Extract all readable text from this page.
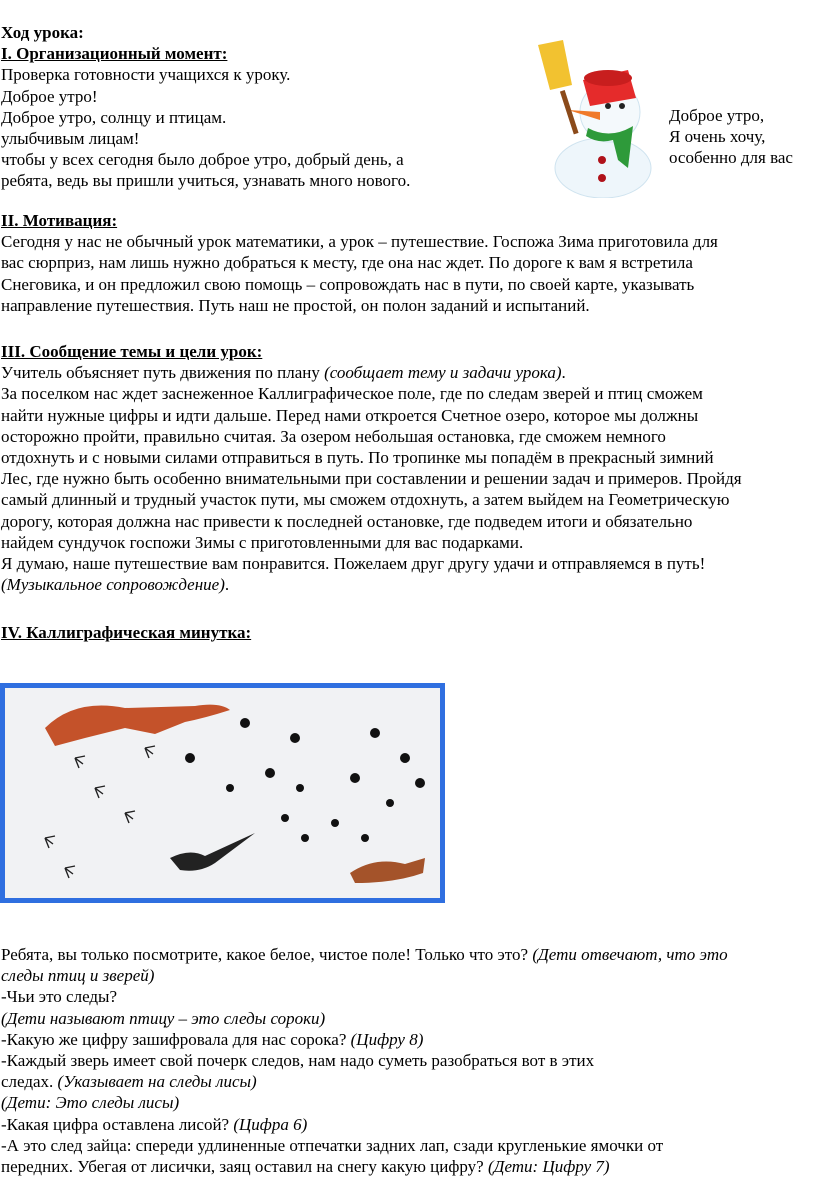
Ход урока:
I. Организационный момент:
Проверка готовности учащихся к уроку.
Доброе утро!
Доброе утро, солнцу и птицам.
улыбчивым лицам!
чтобы у всех сегодня было доброе утро, добрый день, а
ребята, ведь вы пришли учиться, узнавать много нового.
Доброе утро,
Я очень хочу,
особенно для вас
II. Мотивация:
Сегодня у нас не обычный урок математики, а урок – путешествие. Госпожа Зима приготовила для
вас сюрприз, нам лишь нужно добраться к месту, где она нас ждет. По дороге к вам я встретила
Снеговика, и он предложил свою помощь – сопровождать нас в пути, по своей карте, указывать
направление путешествия. Путь наш не простой, он полон заданий и испытаний.
III. Сообщение темы и цели урок:
Учитель объясняет путь движения по плану (сообщает тему и задачи урока).
За поселком нас ждет заснеженное Каллиграфическое поле, где по следам зверей и птиц сможем
найти нужные цифры и идти дальше. Перед нами откроется Счетное озеро, которое мы должны
осторожно пройти, правильно считая. За озером небольшая остановка, где сможем немного
отдохнуть и с новыми силами отправиться в путь. По тропинке мы попадём в прекрасный зимний
Лес, где нужно быть особенно внимательными при составлении и решении задач и примеров. Пройдя
самый длинный и трудный участок пути, мы сможем отдохнуть, а затем выйдем на Геометрическую
дорогу, которая должна нас привести к последней остановке, где подведем итоги и обязательно
найдем сундучок госпожи Зимы с приготовленными для вас подарками.
Я думаю, наше путешествие вам понравится. Пожелаем друг другу удачи и отправляемся в путь!
(Музыкальное сопровождение).
IV. Каллиграфическая минутка:
Ребята, вы только посмотрите, какое белое, чистое поле! Только что это? (Дети отвечают, что это
следы птиц и зверей)
-Чьи это следы?
(Дети называют птицу – это следы сороки)
-Какую же цифру зашифровала для нас сорока? (Цифру 8)
-Каждый зверь имеет свой почерк следов, нам надо суметь разобраться вот в этих
следах. (Указывает на следы лисы)
(Дети: Это следы лисы)
-Какая цифра оставлена лисой? (Цифра 6)
-А это след зайца: спереди удлиненные отпечатки задних лап, сзади кругленькие ямочки от
передних. Убегая от лисички, заяц оставил на снегу какую цифру? (Дети: Цифру 7)
